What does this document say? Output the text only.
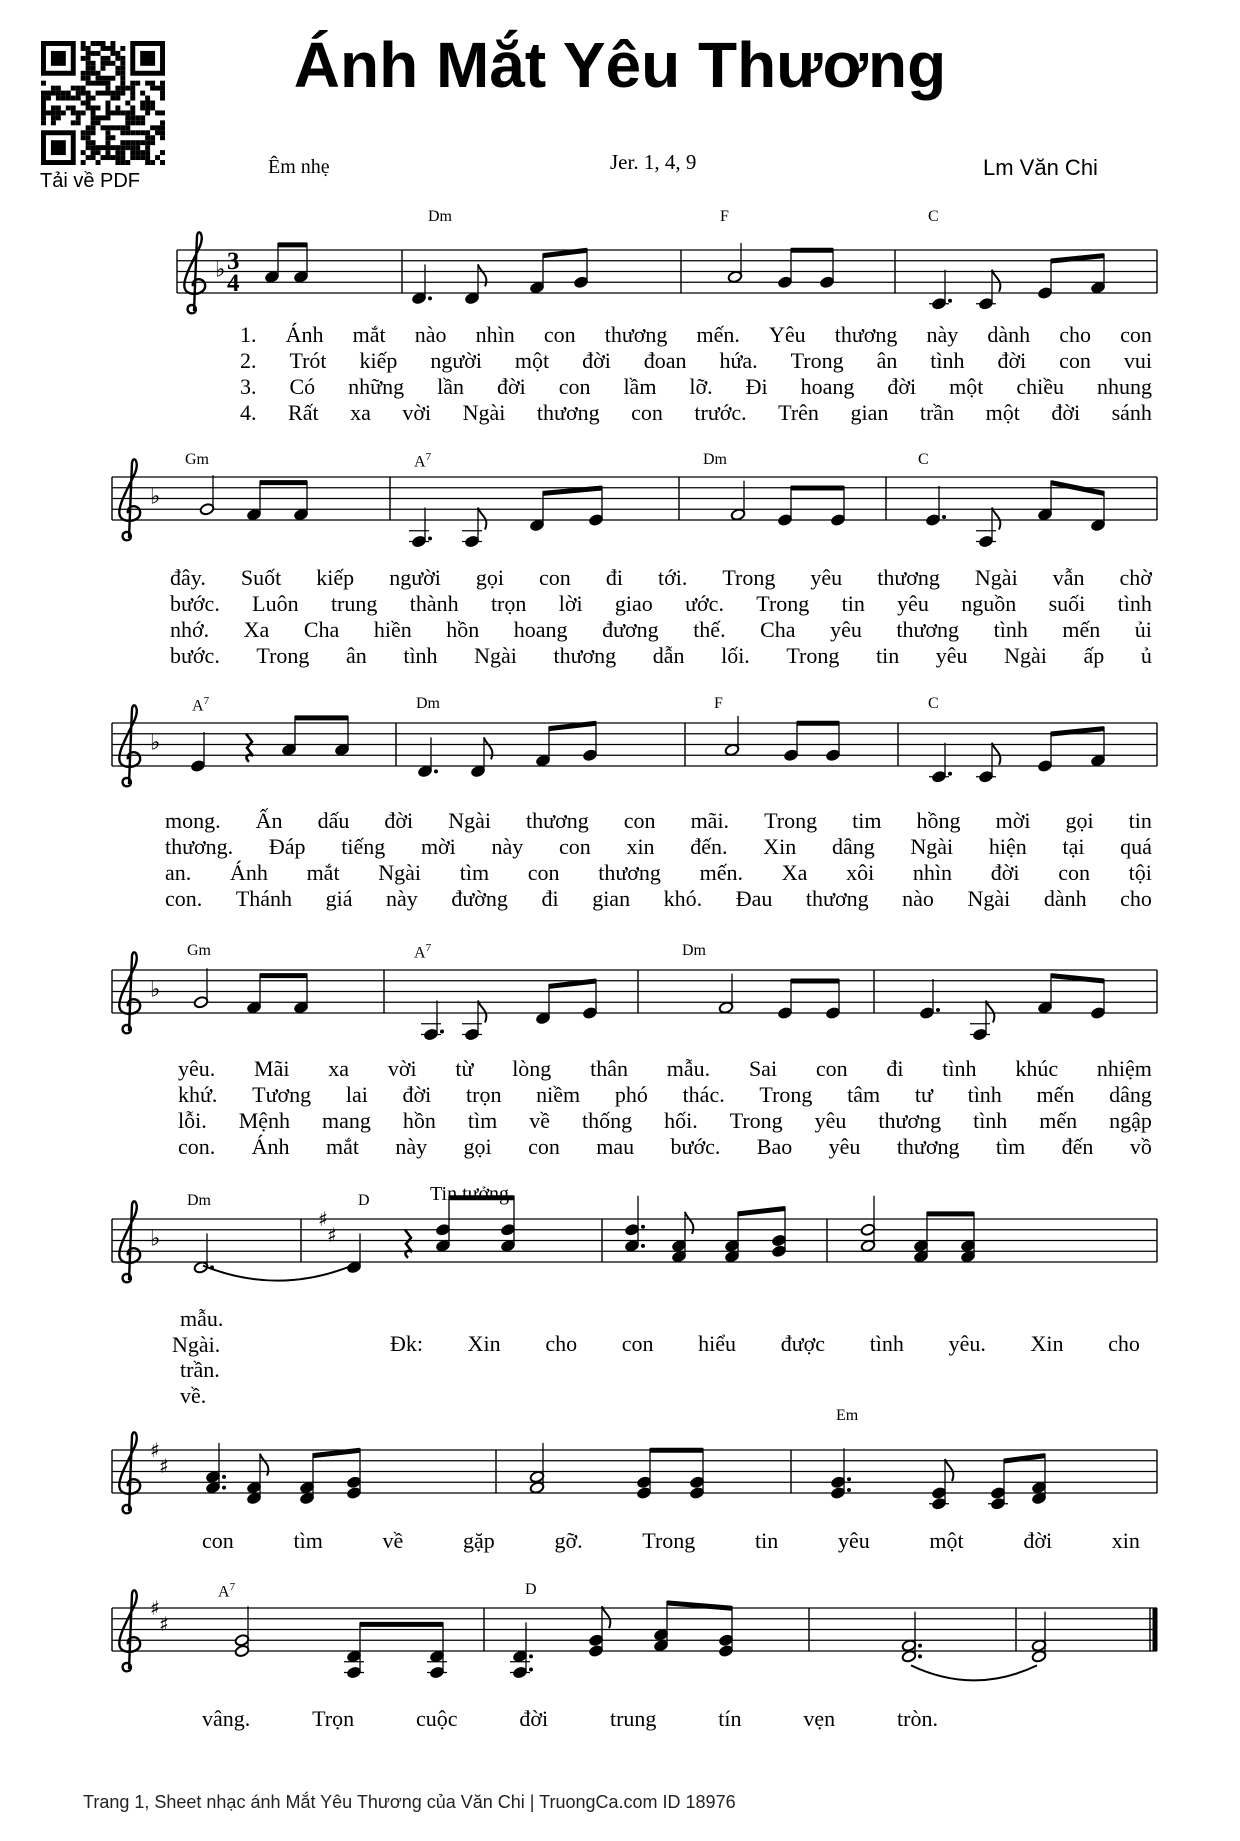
♭ 3
4
♭
♭
♭
♭
♯
♯
♯
♯
♯
♯
Tải về PDF
Ánh Mắt Yêu Thương
Êm nhẹ	Jer. 1, 4, 9	Lm Văn Chi
Dm	F	C
Gm	$A^7$	Dm	C
$A^7$	Dm	F	C
Gm	$A^7$	Dm
Dm	D	Tin tưởng
Em
$A^7$	D
1. Ánh mắt nào nhìn con thương mến. Yêu thương này dành cho con
2. Trót kiếp người một đời đoan hứa. Trong ân tình đời con vui
3. Có những lần đời con lầm lỡ. Đi hoang đời một chiều nhung
4. Rất xa vời Ngài thương con trước. Trên gian trần một đời sánh
đây. Suốt kiếp người gọi con đi tới. Trong yêu thương Ngài vẫn chờ
bước. Luôn trung thành trọn lời giao ước. Trong tin yêu nguồn suối tình
nhớ. Xa Cha hiền hồn hoang đương thế. Cha yêu thương tình mến ủi
bước. Trong ân tình Ngài thương dẫn lối. Trong tin yêu Ngài ấp ủ
mong. Ấn dấu đời Ngài thương con mãi. Trong tim hồng mời gọi tin
thương. Đáp tiếng mời này con xin đến. Xin dâng Ngài hiện tại quá
an. Ánh mắt Ngài tìm con thương mến. Xa xôi nhìn đời con tội
con. Thánh giá này đường đi gian khó. Đau thương nào Ngài dành cho
yêu. Mãi xa vời từ lòng thân mẫu. Sai con đi tình khúc nhiệm
khứ. Tương lai đời trọn niềm phó thác. Trong tâm tư tình mến dâng
lỗi. Mệnh mang hồn tìm về thống hối. Trong yêu thương tình mến ngập
con. Ánh mắt này gọi con mau bước. Bao yêu thương tìm đến vồ
mẫu.
Ngài.
trần.
về.
Đk: Xin cho con hiểu được tình yêu. Xin cho
con	tìm	về	gặp	gỡ.	Trong	tin	yêu	một	đời	xin
vâng.	Trọn	cuộc	đời	trung	tín	vẹn	tròn.
Trang 1, Sheet nhạc ánh Mắt Yêu Thương của Văn Chi | TruongCa.com ID 18976
